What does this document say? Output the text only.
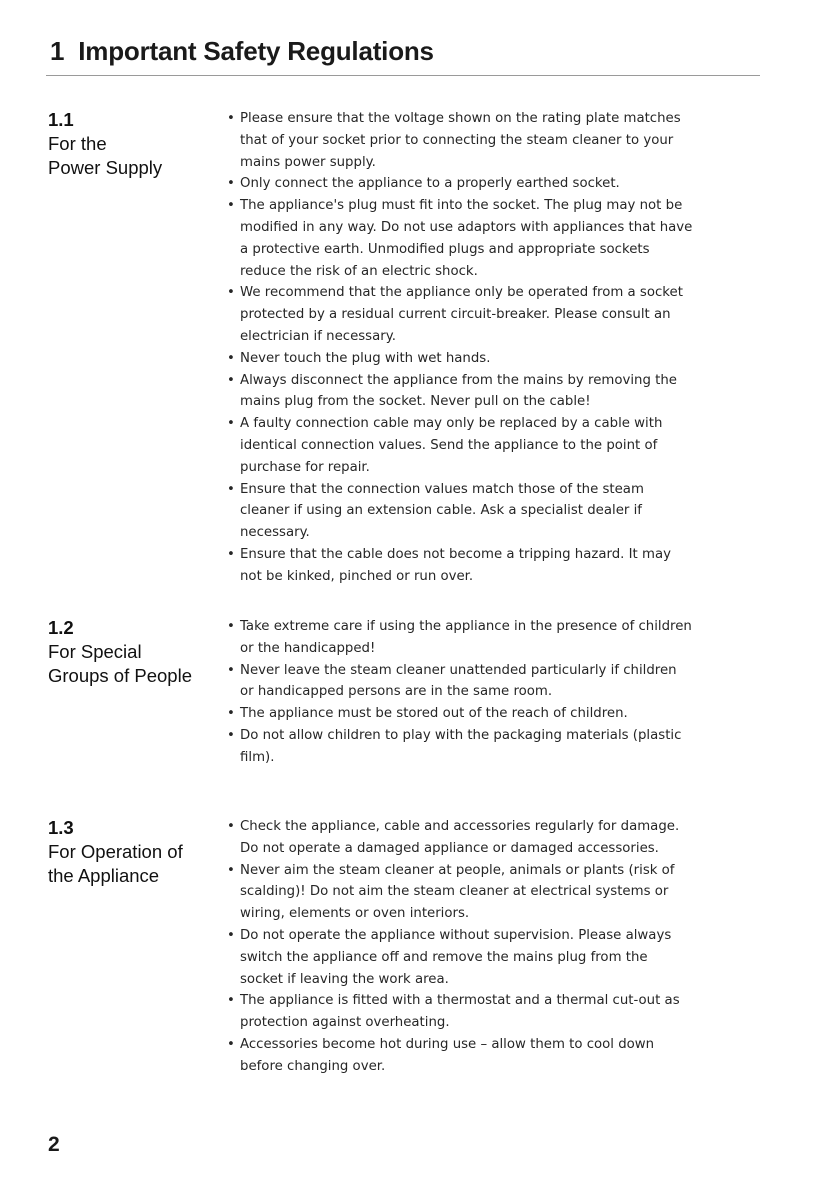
1 Important Safety Regulations
1.1
For the
Power Supply
• Please ensure that the voltage shown on the rating plate matches that of your socket prior to connecting the steam cleaner to your mains power supply.
• Only connect the appliance to a properly earthed socket.
• The appliance's plug must fit into the socket. The plug may not be modified in any way. Do not use adaptors with appliances that have a protective earth. Unmodified plugs and appropriate sockets reduce the risk of an electric shock.
• We recommend that the appliance only be operated from a socket protected by a residual current circuit-breaker. Please consult an electrician if necessary.
• Never touch the plug with wet hands.
• Always disconnect the appliance from the mains by removing the mains plug from the socket. Never pull on the cable!
• A faulty connection cable may only be replaced by a cable with identical connection values. Send the appliance to the point of purchase for repair.
• Ensure that the connection values match those of the steam cleaner if using an extension cable. Ask a specialist dealer if necessary.
• Ensure that the cable does not become a tripping hazard. It may not be kinked, pinched or run over.
1.2
For Special
Groups of People
• Take extreme care if using the appliance in the presence of children or the handicapped!
• Never leave the steam cleaner unattended particularly if children or handicapped persons are in the same room.
• The appliance must be stored out of the reach of children.
• Do not allow children to play with the packaging materials (plastic film).
1.3
For Operation of
the Appliance
• Check the appliance, cable and accessories regularly for damage. Do not operate a damaged appliance or damaged accessories.
• Never aim the steam cleaner at people, animals or plants (risk of scalding)! Do not aim the steam cleaner at electrical systems or wiring, elements or oven interiors.
• Do not operate the appliance without supervision. Please always switch the appliance off and remove the mains plug from the socket if leaving the work area.
• The appliance is fitted with a thermostat and a thermal cut-out as protection against overheating.
• Accessories become hot during use – allow them to cool down before changing over.
2
